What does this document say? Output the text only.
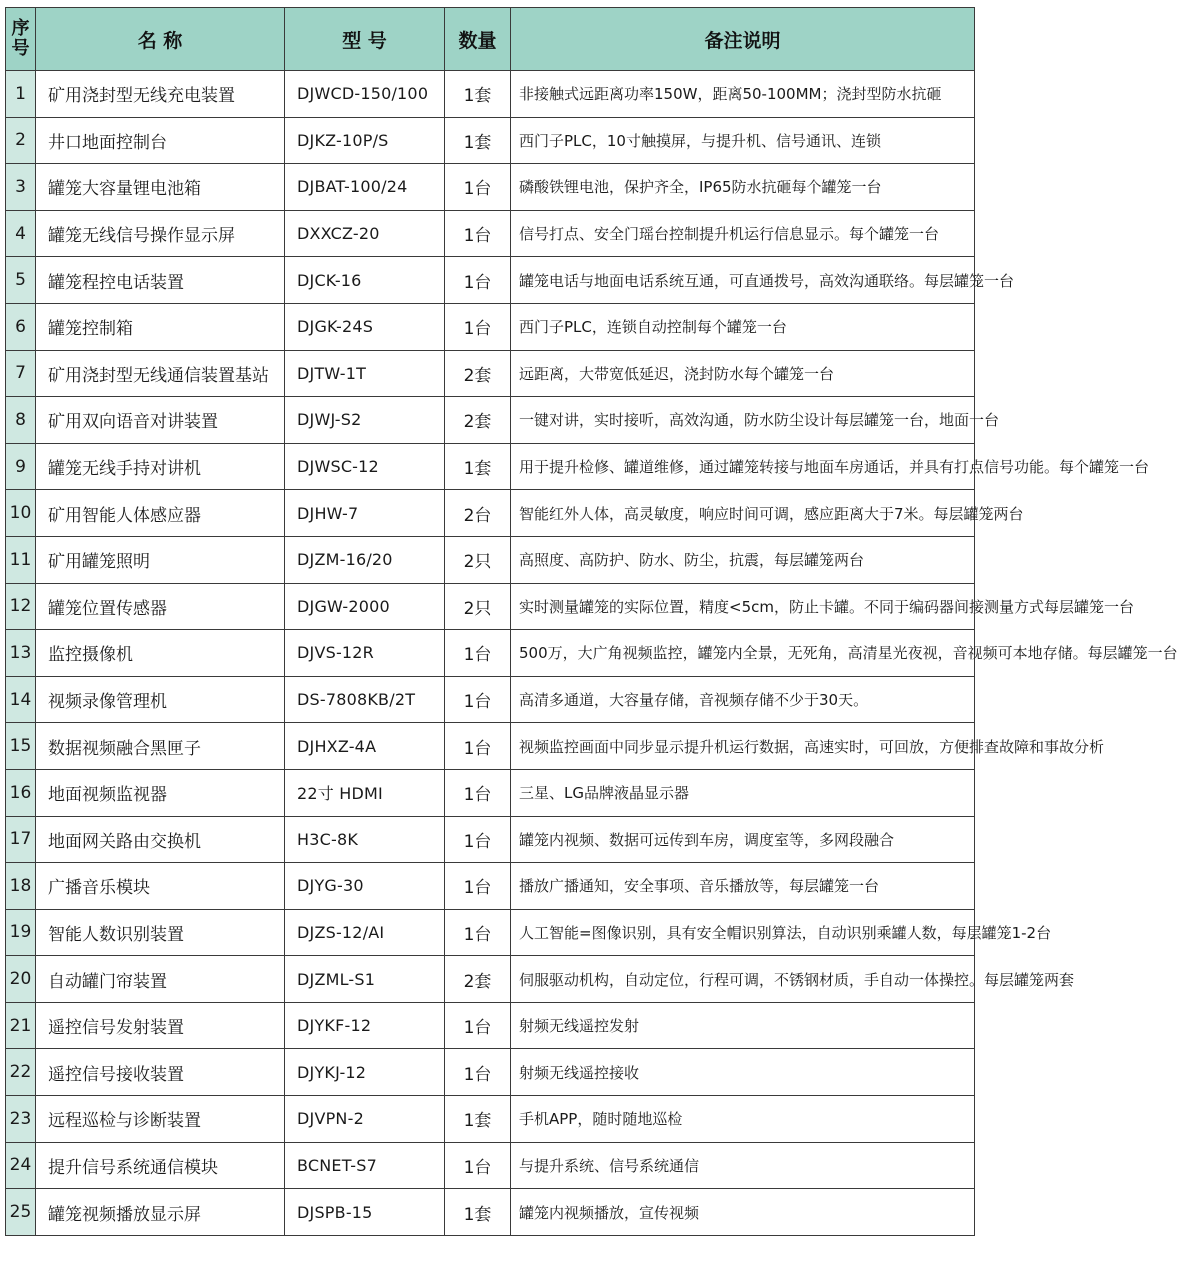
序
号	名 称	型 号	数量	备注说明
1	矿用浇封型无线充电装置	DJWCD-150/100	1套	非接触式远距离功率150W，距离50-100MM；浇封型防水抗砸
2	井口地面控制台	DJKZ-10P/S	1套	西门子PLC，10寸触摸屏，与提升机、信号通讯、连锁
3	罐笼大容量锂电池箱	DJBAT-100/24	1台	磷酸铁锂电池，保护齐全，IP65防水抗砸每个罐笼一台
4	罐笼无线信号操作显示屏	DXXCZ-20	1台	信号打点、安全门瑶台控制提升机运行信息显示。每个罐笼一台
5	罐笼程控电话装置	DJCK-16	1台	罐笼电话与地面电话系统互通，可直通拨号，高效沟通联络。每层罐笼一台
6	罐笼控制箱	DJGK-24S	1台	西门子PLC，连锁自动控制每个罐笼一台
7	矿用浇封型无线通信装置基站	DJTW-1T	2套	远距离，大带宽低延迟，浇封防水每个罐笼一台
8	矿用双向语音对讲装置	DJWJ-S2	2套	一键对讲，实时接听，高效沟通，防水防尘设计每层罐笼一台，地面一台
9	罐笼无线手持对讲机	DJWSC-12	1套	用于提升检修、罐道维修，通过罐笼转接与地面车房通话，并具有打点信号功能。每个罐笼一台
10	矿用智能人体感应器	DJHW-7	2台	智能红外人体，高灵敏度，响应时间可调，感应距离大于7米。每层罐笼两台
11	矿用罐笼照明	DJZM-16/20	2只	高照度、高防护、防水、防尘，抗震，每层罐笼两台
12	罐笼位置传感器	DJGW-2000	2只	实时测量罐笼的实际位置，精度<5cm，防止卡罐。不同于编码器间接测量方式每层罐笼一台
13	监控摄像机	DJVS-12R	1台	500万，大广角视频监控，罐笼内全景，无死角，高清星光夜视，音视频可本地存储。每层罐笼一台
14	视频录像管理机	DS-7808KB/2T	1台	高清多通道，大容量存储，音视频存储不少于30天。
15	数据视频融合黑匣子	DJHXZ-4A	1台	视频监控画面中同步显示提升机运行数据，高速实时，可回放，方便排查故障和事故分析
16	地面视频监视器	22寸 HDMI	1台	三星、LG品牌液晶显示器
17	地面网关路由交换机	H3C-8K	1台	罐笼内视频、数据可远传到车房，调度室等，多网段融合
18	广播音乐模块	DJYG-30	1台	播放广播通知，安全事项、音乐播放等，每层罐笼一台
19	智能人数识别装置	DJZS-12/AI	1台	人工智能=图像识别，具有安全帽识别算法，自动识别乘罐人数，每层罐笼1-2台
20	自动罐门帘装置	DJZML-S1	2套	伺服驱动机构，自动定位，行程可调，不锈钢材质，手自动一体操控。每层罐笼两套
21	遥控信号发射装置	DJYKF-12	1台	射频无线遥控发射
22	遥控信号接收装置	DJYKJ-12	1台	射频无线遥控接收
23	远程巡检与诊断装置	DJVPN-2	1套	手机APP，随时随地巡检
24	提升信号系统通信模块	BCNET-S7	1台	与提升系统、信号系统通信
25	罐笼视频播放显示屏	DJSPB-15	1套	罐笼内视频播放，宣传视频
